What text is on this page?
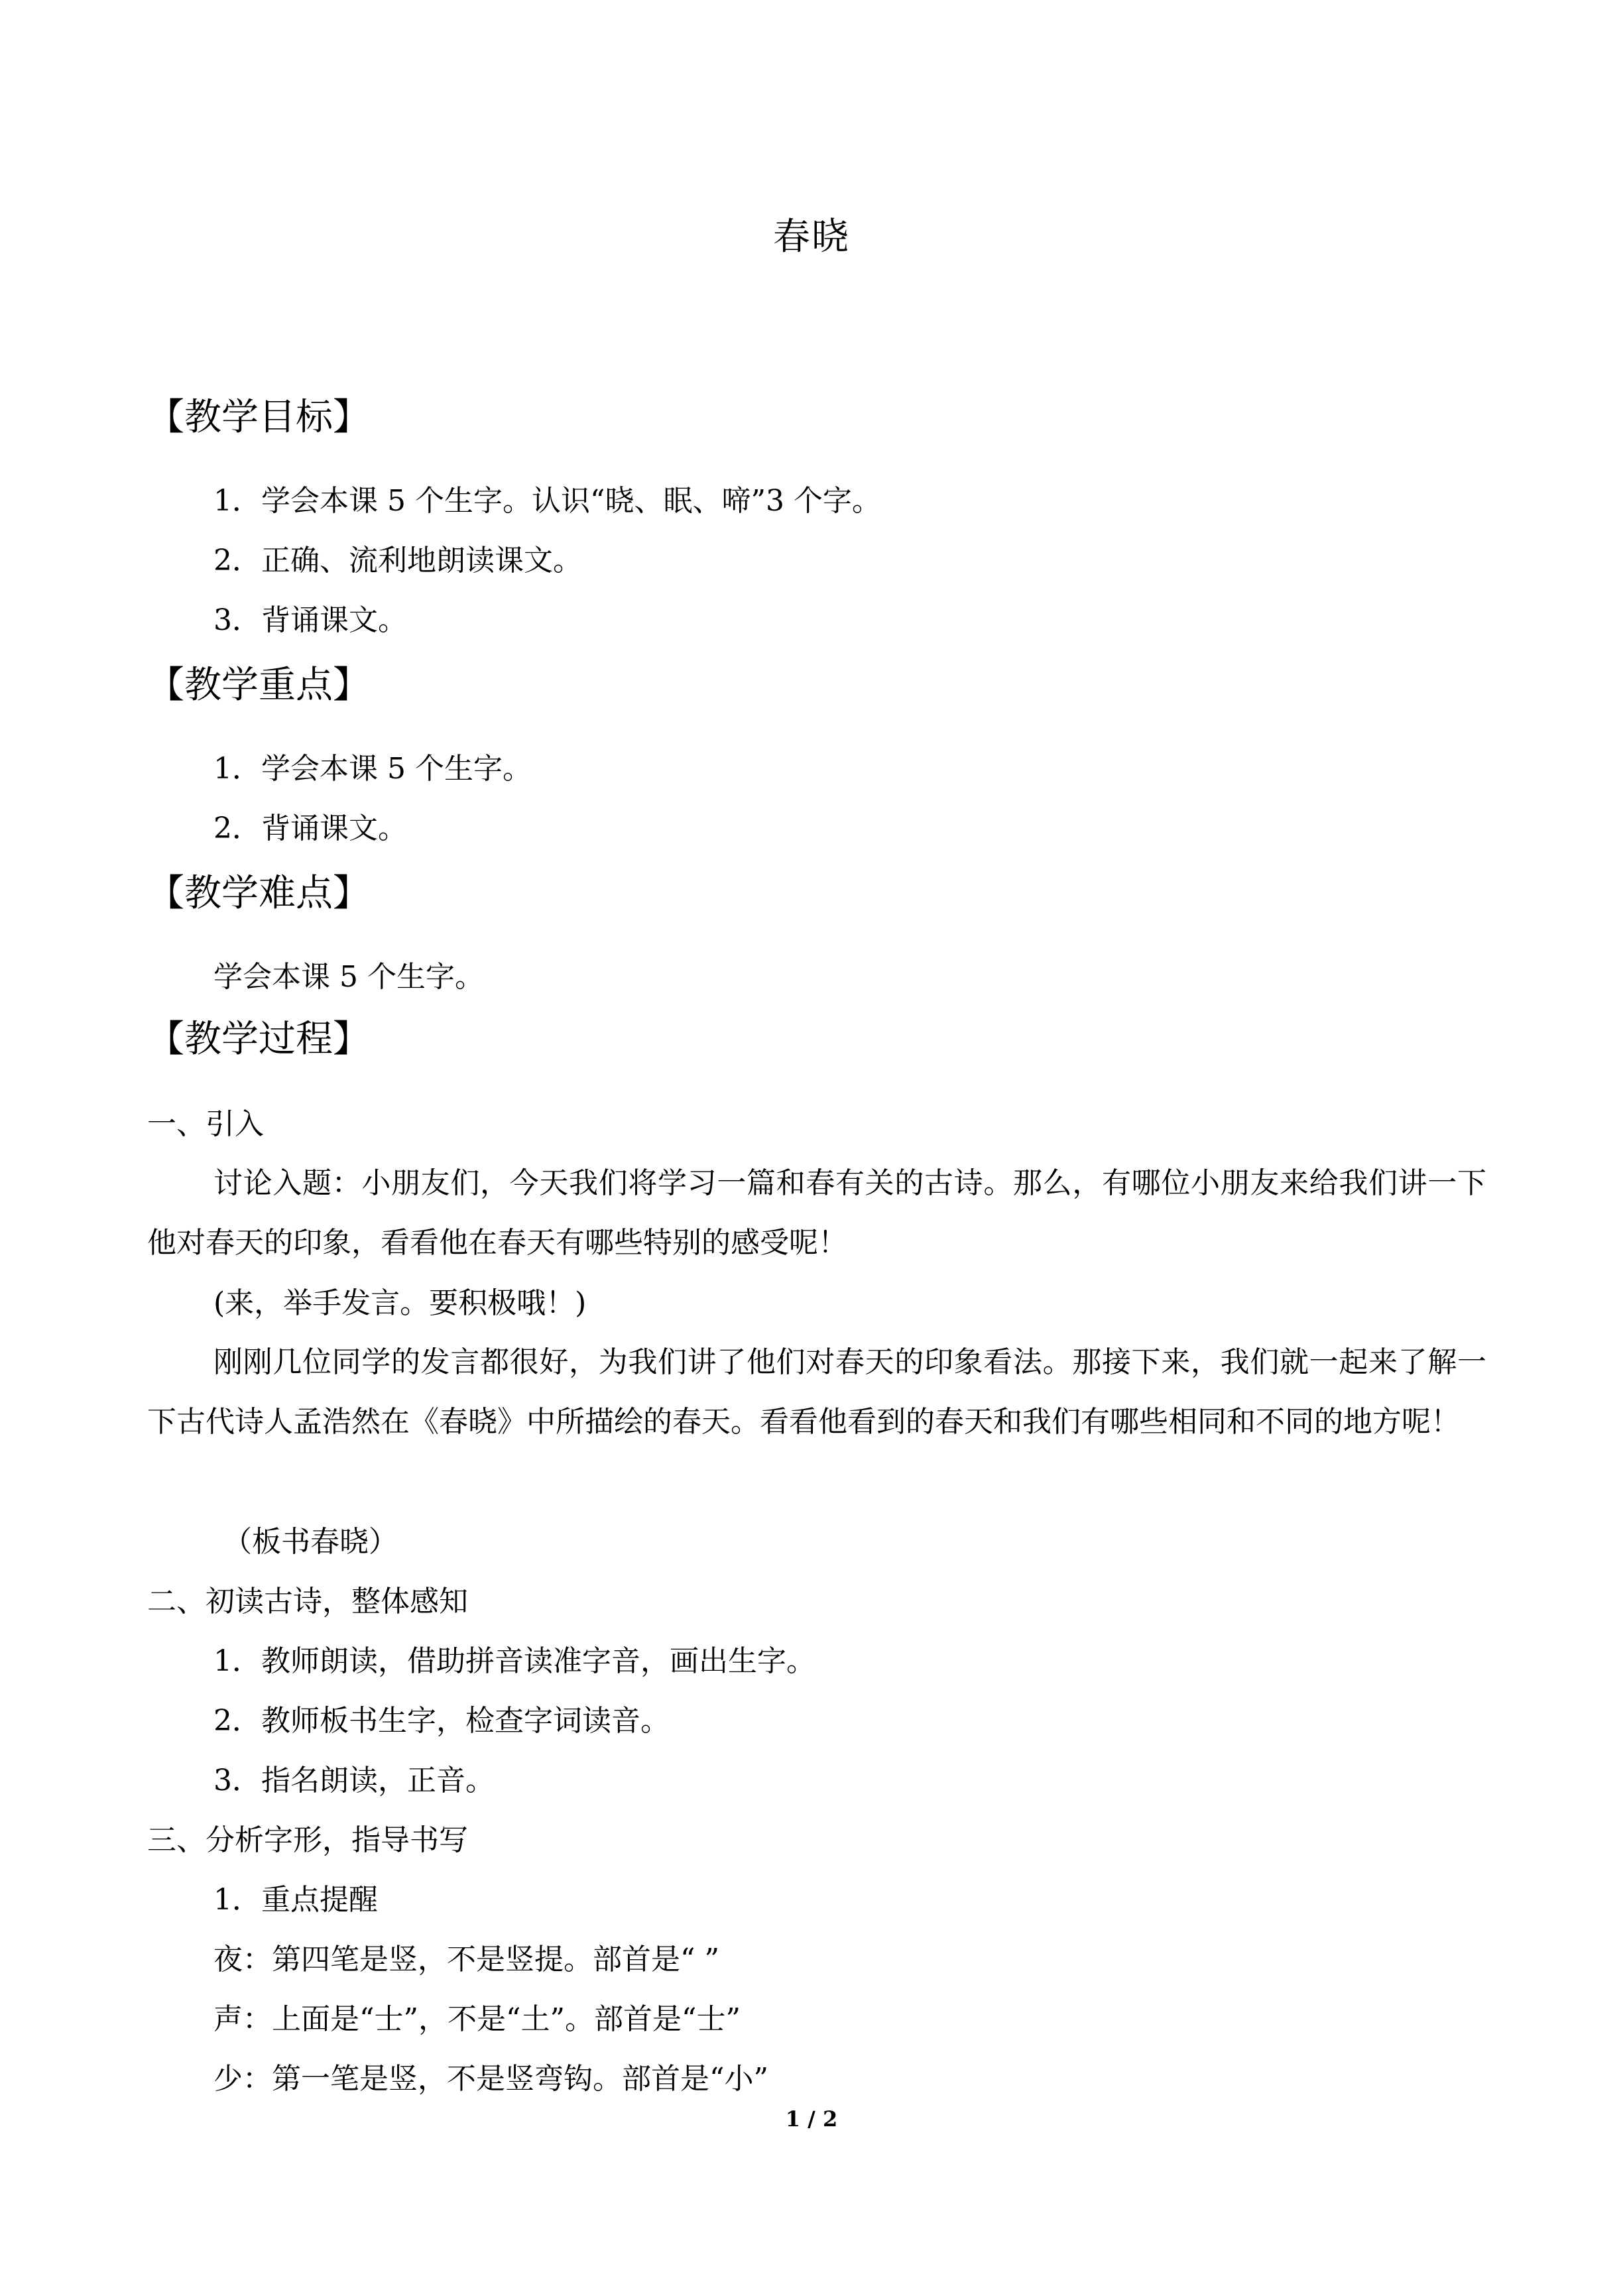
春晓
【教学目标】
1．学会本课 5 个生字。认识“晓、眠、啼”3 个字。
2．正确、流利地朗读课文。
3．背诵课文。
【教学重点】
1．学会本课 5 个生字。
2．背诵课文。
【教学难点】
学会本课 5 个生字。
【教学过程】
一、引入
讨论入题：小朋友们，今天我们将学习一篇和春有关的古诗。那么，有哪位小朋友来给我们讲一下他对春天的印象，看看他在春天有哪些特别的感受呢！
(来，举手发言。要积极哦！)
刚刚几位同学的发言都很好，为我们讲了他们对春天的印象看法。那接下来，我们就一起来了解一下古代诗人孟浩然在《春晓》中所描绘的春天。看看他看到的春天和我们有哪些相同和不同的地方呢！
（板书春晓）
二、初读古诗，整体感知
1．教师朗读，借助拼音读准字音，画出生字。
2．教师板书生字，检查字词读音。
3．指名朗读，正音。
三、分析字形，指导书写
1．重点提醒
夜：第四笔是竖，不是竖提。部首是“ ”
声：上面是“士”，不是“土”。部首是“士”
少：第一笔是竖，不是竖弯钩。部首是“小”
1 / 2
